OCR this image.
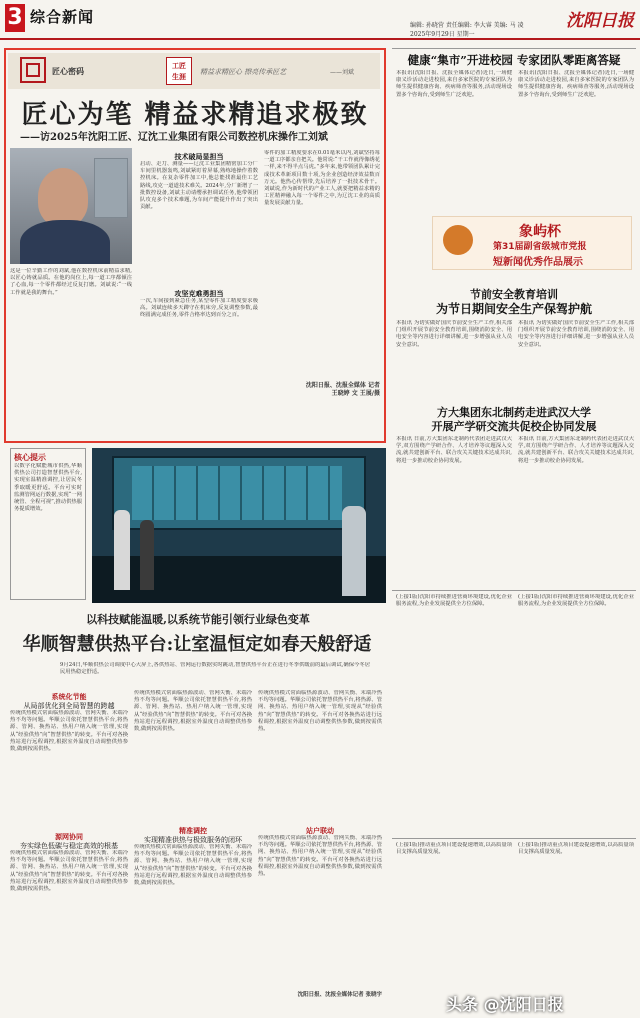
3 综合新闻	编辑: 孙晓营 责任编辑: 李大睿 美编: 马 凌
2025年9月29日 星期一
沈阳日报
匠心密码
工匠
生涯
精益求精匠心 擦亮传承匠艺	——刘斌
匠心为笔 精益求精追求极致
——访2025年沈阳工匠、辽沈工业集团有限公司数控机床操作工刘斌
这是一位辛勤工作的刘斌,他在数控机床前精益求精,以匠心铸就品质。在他的岗位上,每一道工序都倾注了心血,每一个零件都经过反复打磨。刘斌说:“一线工作就是我的舞台。”
技术破局显担当
启动、走刀、测量——辽沈工业集团精密加工分厂车间里机器轰鸣,刘斌紧盯着屏幕,熟练地操作着数控机床。在复杂零件加工中,他总能找准最佳工艺路线,攻克一道道技术难关。2024年,分厂新增了一批数控设备,刘斌主动请缨承担调试任务,他带领团队攻克多个技术难题,为车间产能提升作出了突出贡献。
攻坚克难勇担当
一次,车间接到紧急任务,某型零件加工精度要求极高。刘斌连续多天蹲守在机床旁,反复调整参数,最终圆满完成任务,零件合格率达到百分之百。
零件的加工精度要求在0.01毫米以内,刘斌坚持每一道工序都亲自把关。他常说:“干工作就得像绣花一样,来不得半点马虎。”多年来,他带领团队累计完成技术革新项目数十项,为企业创造经济效益数百万元。他热心传帮带,先后培养了一批技术骨干。刘斌说,作为新时代的产业工人,就要把精益求精的工匠精神融入每一个零件之中,为辽沈工业的高质量发展贡献力量。
沈阳日报、沈报全媒体 记者 王晓婷 文 王展/摄
核心提示
以数字化赋能城市供热,华顺供热公司打造智慧供热平台,实现室温精准调控,让居民冬季取暖更舒适。平台可实时监测管网运行数据,实现“一网统管、全程可视”,推动供热服务提质增效。
以科技赋能温暖,以系统节能引领行业绿色变革
华顺智慧供热平台:让室温恒定如春天般舒适
9月24日,华顺供热公司调度中心大屏上,各供热站、管网运行数据实时跳动,智慧供热平台正在进行冬季供暖前的最后调试,确保今冬居民用热稳定舒适。
系统化节能
从局部优化到全局智慧的跨越
传统供热模式常面临热源波动、管网失衡、末端冷热不均等问题。华顺公司依托智慧供热平台,将热源、管网、换热站、热用户纳入统一管理,实现从“经验供热”向“智慧供热”的转变。平台可对各换热站进行远程调控,根据室外温度自动调整供热参数,做到按需供热。
源网协同
夯实绿色低碳与稳定高效的根基
传统供热模式常面临热源波动、管网失衡、末端冷热不均等问题。华顺公司依托智慧供热平台,将热源、管网、换热站、热用户纳入统一管理,实现从“经验供热”向“智慧供热”的转变。平台可对各换热站进行远程调控,根据室外温度自动调整供热参数,做到按需供热。
传统供热模式常面临热源波动、管网失衡、末端冷热不均等问题。华顺公司依托智慧供热平台,将热源、管网、换热站、热用户纳入统一管理,实现从“经验供热”向“智慧供热”的转变。平台可对各换热站进行远程调控,根据室外温度自动调整供热参数,做到按需供热。
精准调控
实现精准供热与极致服务的闭环
传统供热模式常面临热源波动、管网失衡、末端冷热不均等问题。华顺公司依托智慧供热平台,将热源、管网、换热站、热用户纳入统一管理,实现从“经验供热”向“智慧供热”的转变。平台可对各换热站进行远程调控,根据室外温度自动调整供热参数,做到按需供热。
传统供热模式常面临热源波动、管网失衡、末端冷热不均等问题。华顺公司依托智慧供热平台,将热源、管网、换热站、热用户纳入统一管理,实现从“经验供热”向“智慧供热”的转变。平台可对各换热站进行远程调控,根据室外温度自动调整供热参数,做到按需供热。
站户联动
传统供热模式常面临热源波动、管网失衡、末端冷热不均等问题。华顺公司依托智慧供热平台,将热源、管网、换热站、热用户纳入统一管理,实现从“经验供热”向“智慧供热”的转变。平台可对各换热站进行远程调控,根据室外温度自动调整供热参数,做到按需供热。
沈阳日报、沈报全媒体记者 张晓宇
健康“集市”开进校园 专家团队零距离答疑
本报讯(沈阳日报、沈报全媒体记者)近日,一场健康义诊活动走进校园,来自多家医院的专家团队为师生提供健康咨询、疾病筛查等服务,活动现场设置多个咨询台,受到师生广泛欢迎。
本报讯(沈阳日报、沈报全媒体记者)近日,一场健康义诊活动走进校园,来自多家医院的专家团队为师生提供健康咨询、疾病筛查等服务,活动现场设置多个咨询台,受到师生广泛欢迎。
象屿杯
第31届副省级城市党报
短新闻优秀作品展示
节前安全教育培训
为节日期间安全生产保驾护航
本报讯 为切实做好国庆节前安全生产工作,相关部门组织开展节前安全教育培训,围绕消防安全、用电安全等内容进行详细讲解,进一步增强从业人员安全意识。
本报讯 为切实做好国庆节前安全生产工作,相关部门组织开展节前安全教育培训,围绕消防安全、用电安全等内容进行详细讲解,进一步增强从业人员安全意识。
方大集团东北制药走进武汉大学
开展产学研交流共促校企协同发展
本报讯 日前,方大集团东北制药代表团走进武汉大学,双方围绕产学研合作、人才培养等议题深入交流,就共建创新平台、联合攻关关键技术达成共识,将进一步推动校企协同发展。
本报讯 日前,方大集团东北制药代表团走进武汉大学,双方围绕产学研合作、人才培养等议题深入交流,就共建创新平台、联合攻关关键技术达成共识,将进一步推动校企协同发展。
(上接1版)沈阳市持续推进营商环境建设,优化企业服务流程,为企业发展提供全方位保障。
(上接1版)沈阳市持续推进营商环境建设,优化企业服务流程,为企业发展提供全方位保障。
(上接1版)推动重点项目建设提速增效,以高质量项目支撑高质量发展。
(上接1版)推动重点项目建设提速增效,以高质量项目支撑高质量发展。
头条 @沈阳日报
